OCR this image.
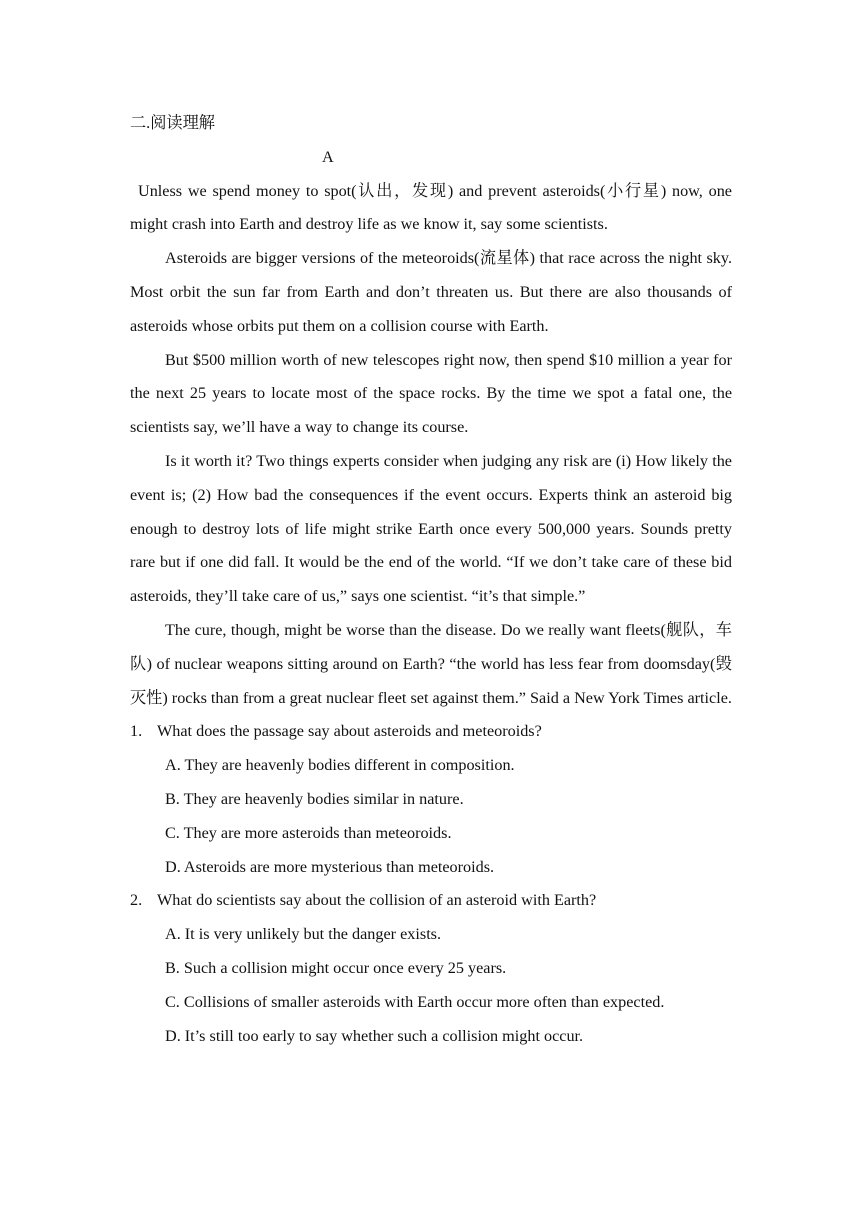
二.阅读理解
A

Unless we spend money to spot(认出，发现) and prevent asteroids(小行星) now, one might crash into Earth and destroy life as we know it, say some scientists.

Asteroids are bigger versions of the meteoroids(流星体) that race across the night sky. Most orbit the sun far from Earth and don’t threaten us. But there are also thousands of asteroids whose orbits put them on a collision course with Earth.

But $500 million worth of new telescopes right now, then spend $10 million a year for the next 25 years to locate most of the space rocks. By the time we spot a fatal one, the scientists say, we’ll have a way to change its course.

Is it worth it? Two things experts consider when judging any risk are (i) How likely the event is; (2) How bad the consequences if the event occurs. Experts think an asteroid big enough to destroy lots of life might strike Earth once every 500,000 years. Sounds pretty rare but if one did fall. It would be the end of the world. “If we don’t take care of these bid asteroids, they’ll take care of us,” says one scientist. “it’s that simple.”

The cure, though, might be worse than the disease. Do we really want fleets(舰队，车队) of nuclear weapons sitting around on Earth? “the world has less fear from doomsday(毁灭性) rocks than from a great nuclear fleet set against them.” Said a New York Times article.

1. What does the passage say about asteroids and meteoroids?
A. They are heavenly bodies different in composition.
B. They are heavenly bodies similar in nature.
C. They are more asteroids than meteoroids.
D. Asteroids are more mysterious than meteoroids.
2. What do scientists say about the collision of an asteroid with Earth?
A. It is very unlikely but the danger exists.
B. Such a collision might occur once every 25 years.
C. Collisions of smaller asteroids with Earth occur more often than expected.
D. It’s still too early to say whether such a collision might occur.
